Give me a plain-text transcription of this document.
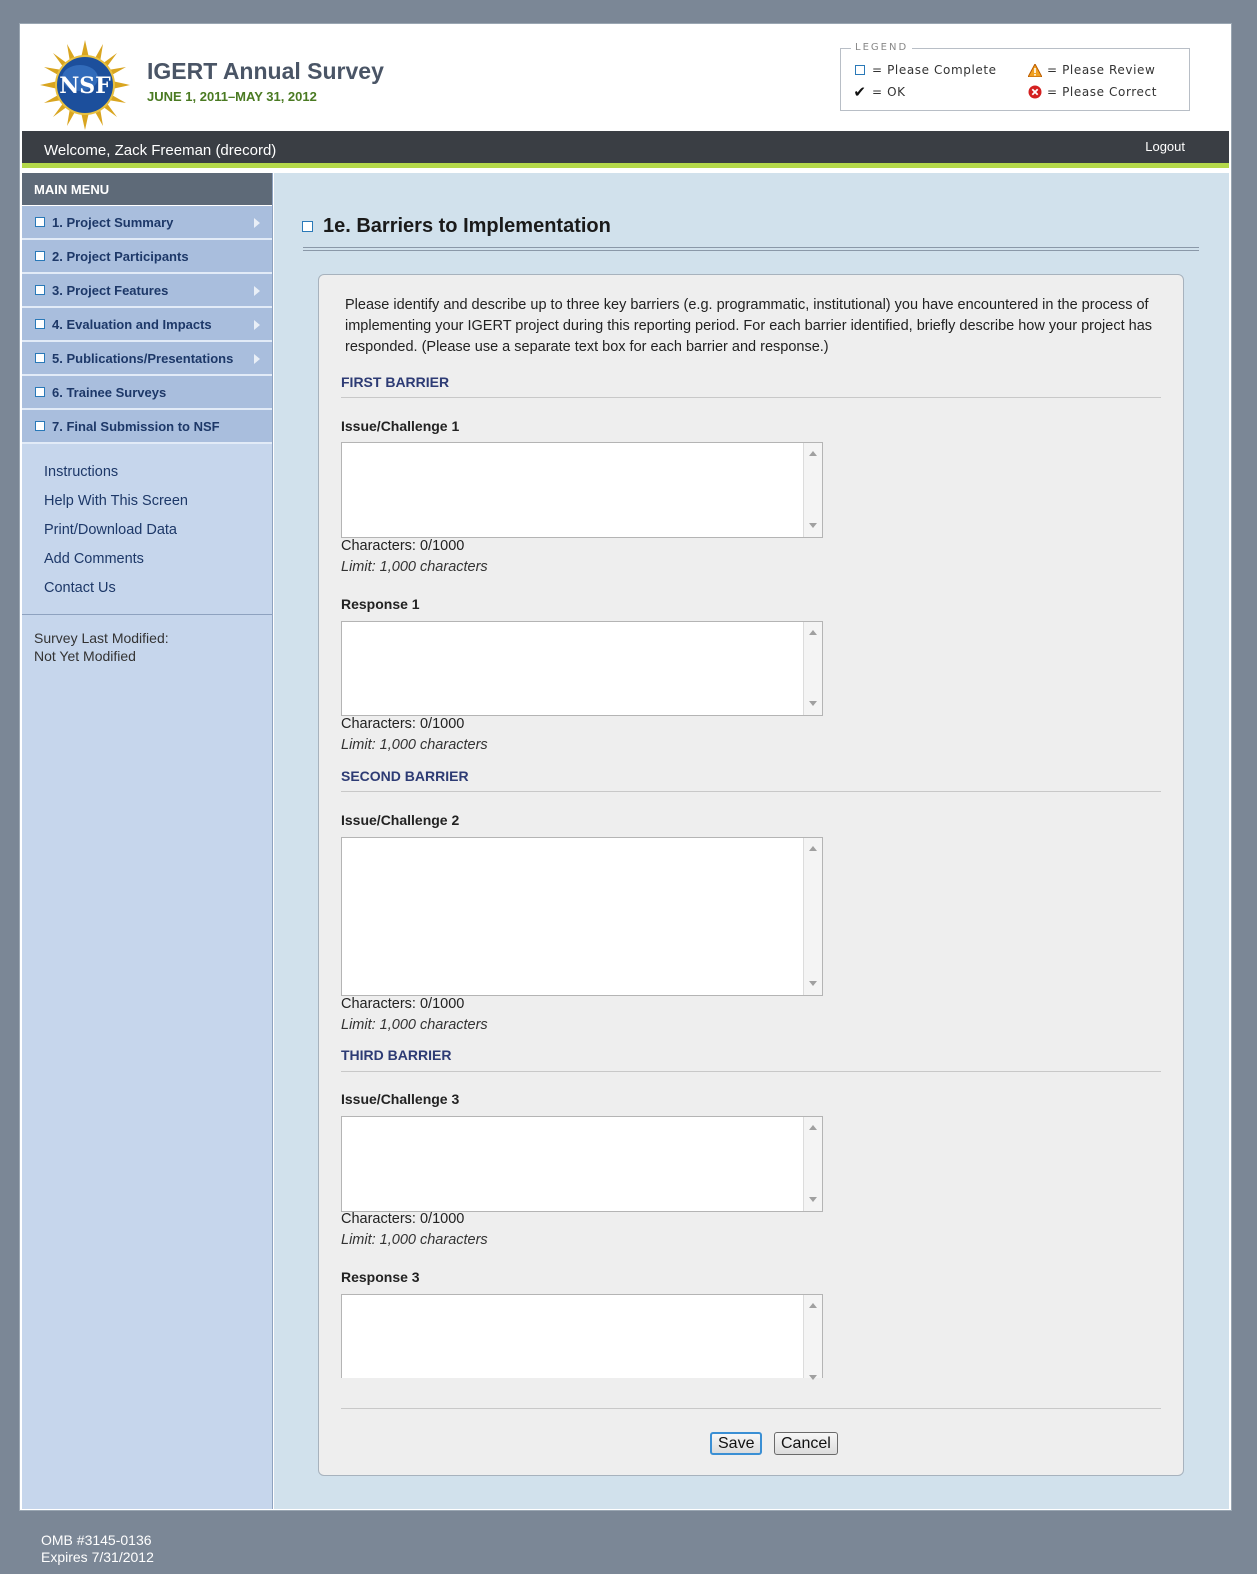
NSF
IGERT Annual Survey
JUNE 1, 2011–MAY 31, 2012
LEGEND
= Please Complete	= Please Review
✔ = OK	= Please Correct
Welcome, Zack Freeman (drecord)	Logout
MAIN MENU
1. Project Summary
2. Project Participants
3. Project Features
4. Evaluation and Impacts
5. Publications/Presentations
6. Trainee Surveys
7. Final Submission to NSF
Instructions
Help With This Screen
Print/Download Data
Add Comments
Contact Us
Survey Last Modified:
Not Yet Modified
1e. Barriers to Implementation
Please identify and describe up to three key barriers (e.g. programmatic, institutional) you have encountered in the process of implementing your IGERT project during this reporting period. For each barrier identified, briefly describe how your project has responded. (Please use a separate text box for each barrier and response.)
FIRST BARRIER
Issue/Challenge 1
Characters: 0/1000
Limit: 1,000 characters
Response 1
Characters: 0/1000
Limit: 1,000 characters
SECOND BARRIER
Issue/Challenge 2
Characters: 0/1000
Limit: 1,000 characters
THIRD BARRIER
Issue/Challenge 3
Characters: 0/1000
Limit: 1,000 characters
Response 3
Save	Cancel
OMB #3145-0136
Expires 7/31/2012
